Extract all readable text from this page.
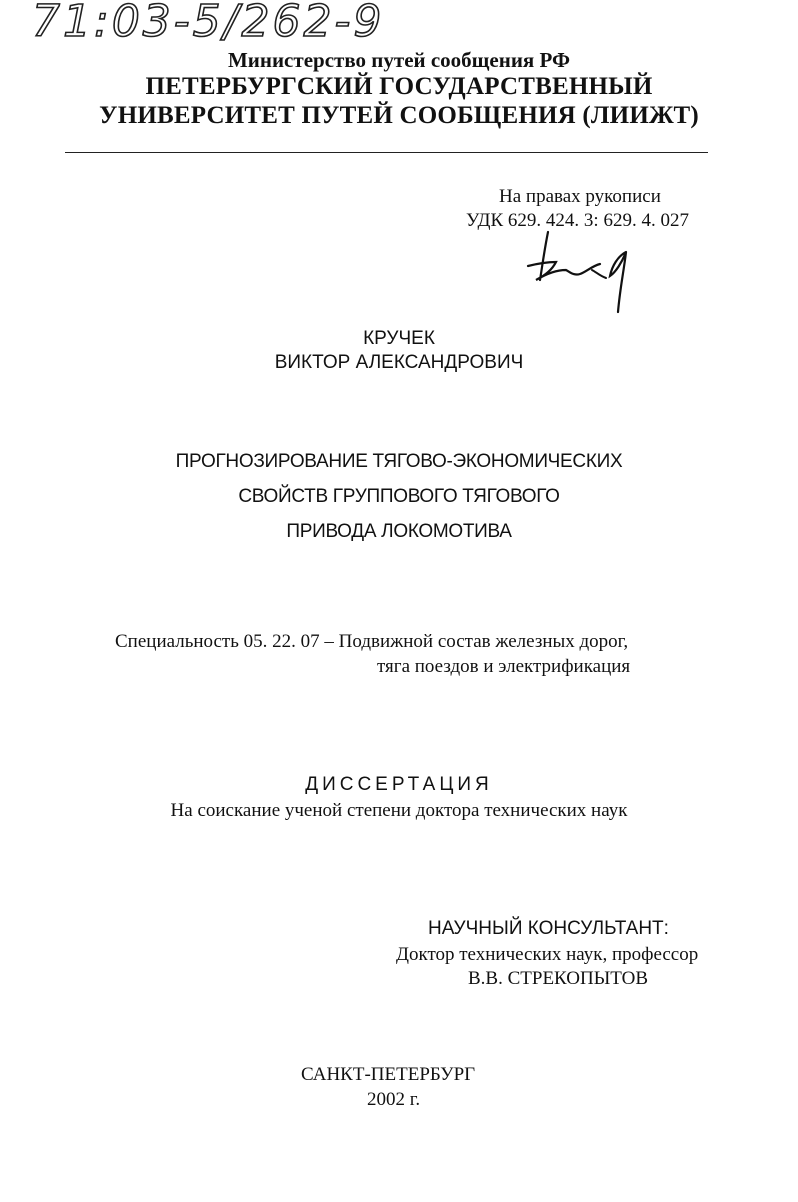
71:03-5/262-9
Министерство путей сообщения РФ
ПЕТЕРБУРГСКИЙ ГОСУДАРСТВЕННЫЙ
УНИВЕРСИТЕТ ПУТЕЙ СООБЩЕНИЯ (ЛИИЖТ)
На правах рукописи
УДК 629. 424. 3: 629. 4. 027
КРУЧЕК
ВИКТОР АЛЕКСАНДРОВИЧ
ПРОГНОЗИРОВАНИЕ ТЯГОВО-ЭКОНОМИЧЕСКИХ
СВОЙСТВ ГРУППОВОГО ТЯГОВОГО
ПРИВОДА ЛОКОМОТИВА
Специальность 05. 22. 07 – Подвижной состав железных дорог,
тяга поездов и электрификация
ДИССЕРТАЦИЯ
На соискание ученой степени доктора технических наук
НАУЧНЫЙ КОНСУЛЬТАНТ:
Доктор технических наук, профессор
В.В. СТРЕКОПЫТОВ
САНКТ-ПЕТЕРБУРГ
2002 г.
